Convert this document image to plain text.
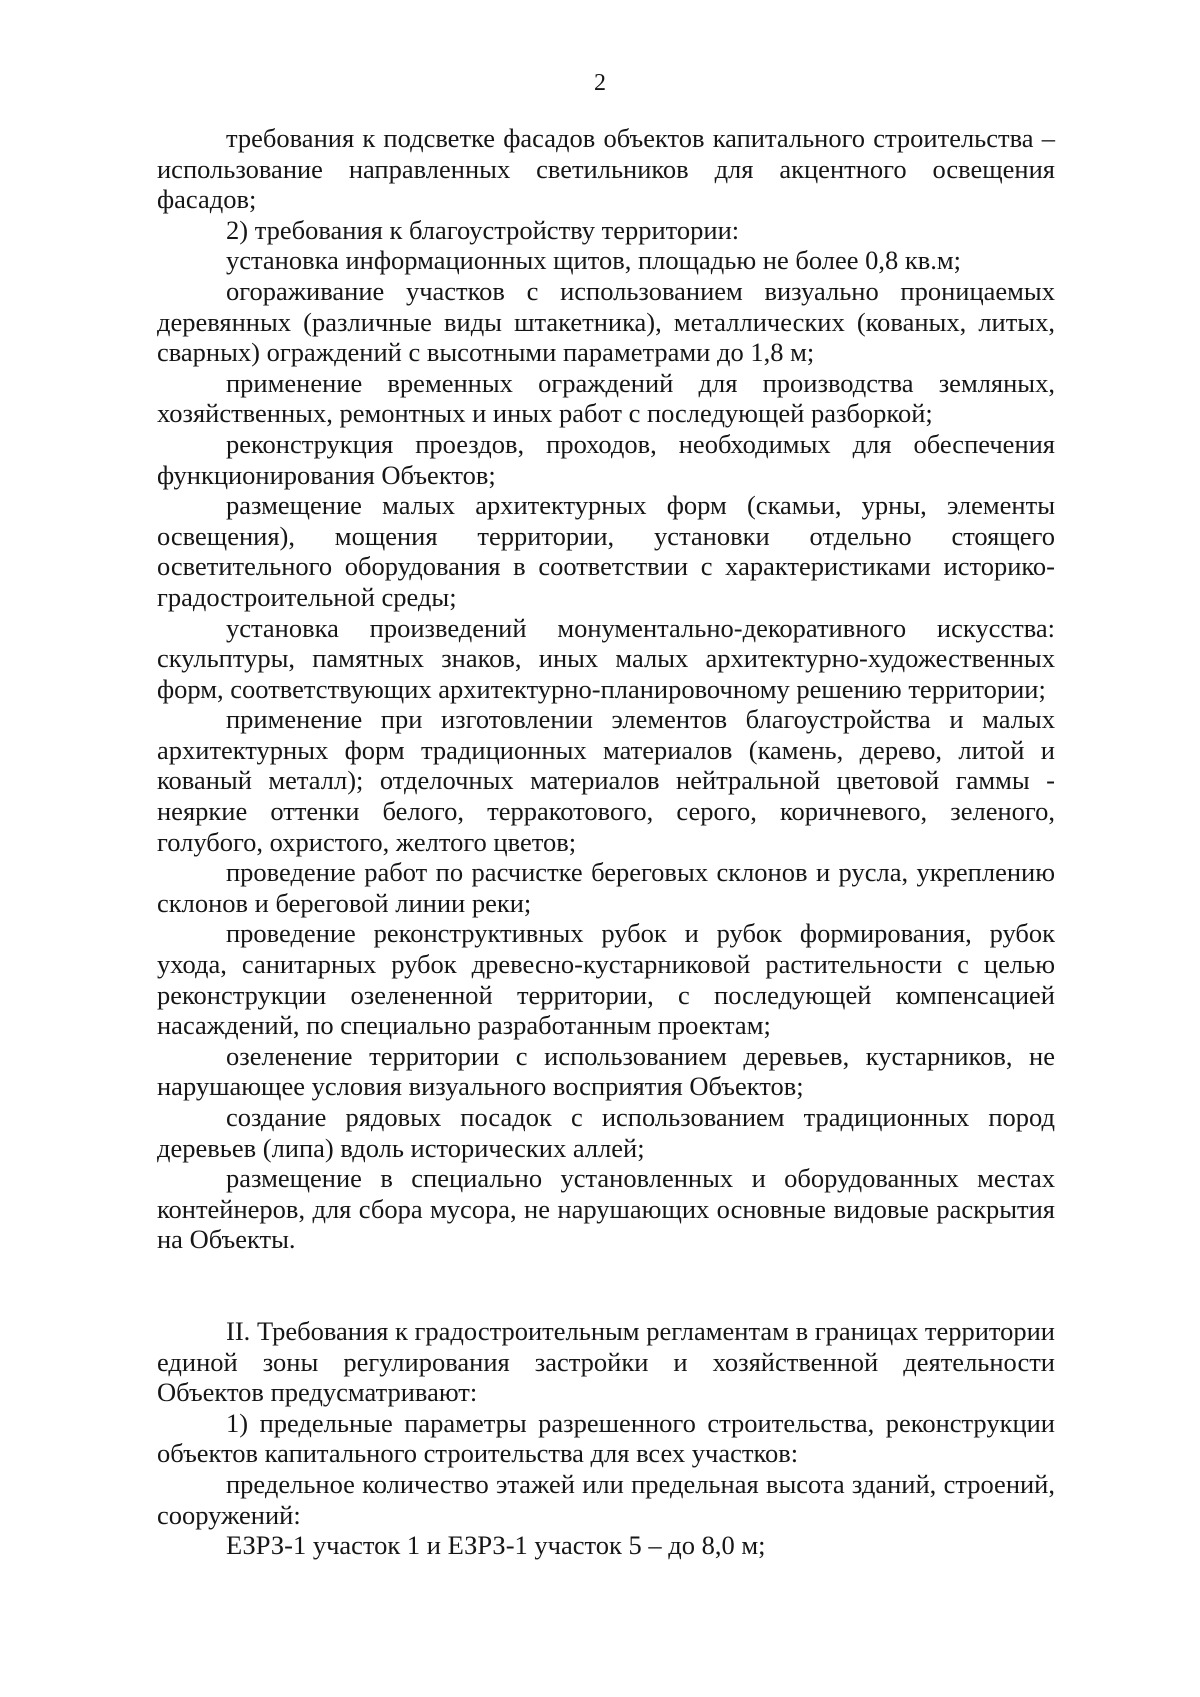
2

требования к подсветке фасадов объектов капитального строительства – использование направленных светильников для акцентного освещения фасадов;

2) требования к благоустройству территории:

установка информационных щитов, площадью не более 0,8 кв.м;

огораживание участков с использованием визуально проницаемых деревянных (различные виды штакетника), металлических (кованых, литых, сварных) ограждений с высотными параметрами до 1,8 м;

применение временных ограждений для производства земляных, хозяйственных, ремонтных и иных работ с последующей разборкой;

реконструкция проездов, проходов, необходимых для обеспечения функционирования Объектов;

размещение малых архитектурных форм (скамьи, урны, элементы освещения), мощения территории, установки отдельно стоящего осветительного оборудования в соответствии с характеристиками историко-градостроительной среды;

установка произведений монументально-декоративного искусства: скульптуры, памятных знаков, иных малых архитектурно-художественных форм, соответствующих архитектурно-планировочному решению территории;

применение при изготовлении элементов благоустройства и малых архитектурных форм традиционных материалов (камень, дерево, литой и кованый металл); отделочных материалов нейтральной цветовой гаммы - неяркие оттенки белого, терракотового, серого, коричневого, зеленого, голубого, охристого, желтого цветов;

проведение работ по расчистке береговых склонов и русла, укреплению склонов и береговой линии реки;

проведение реконструктивных рубок и рубок формирования, рубок ухода, санитарных рубок древесно-кустарниковой растительности с целью реконструкции озелененной территории, с последующей компенсацией насаждений, по специально разработанным проектам;

озеленение территории с использованием деревьев, кустарников, не нарушающее условия визуального восприятия Объектов;

создание рядовых посадок с использованием традиционных пород деревьев (липа) вдоль исторических аллей;

размещение в специально установленных и оборудованных местах контейнеров, для сбора мусора, не нарушающих основные видовые раскрытия на Объекты.

II. Требования к градостроительным регламентам в границах территории единой зоны регулирования застройки и хозяйственной деятельности Объектов предусматривают:

1) предельные параметры разрешенного строительства, реконструкции объектов капитального строительства для всех участков:

предельное количество этажей или предельная высота зданий, строений, сооружений:

ЕЗРЗ-1 участок 1 и ЕЗРЗ-1 участок 5 – до 8,0 м;
